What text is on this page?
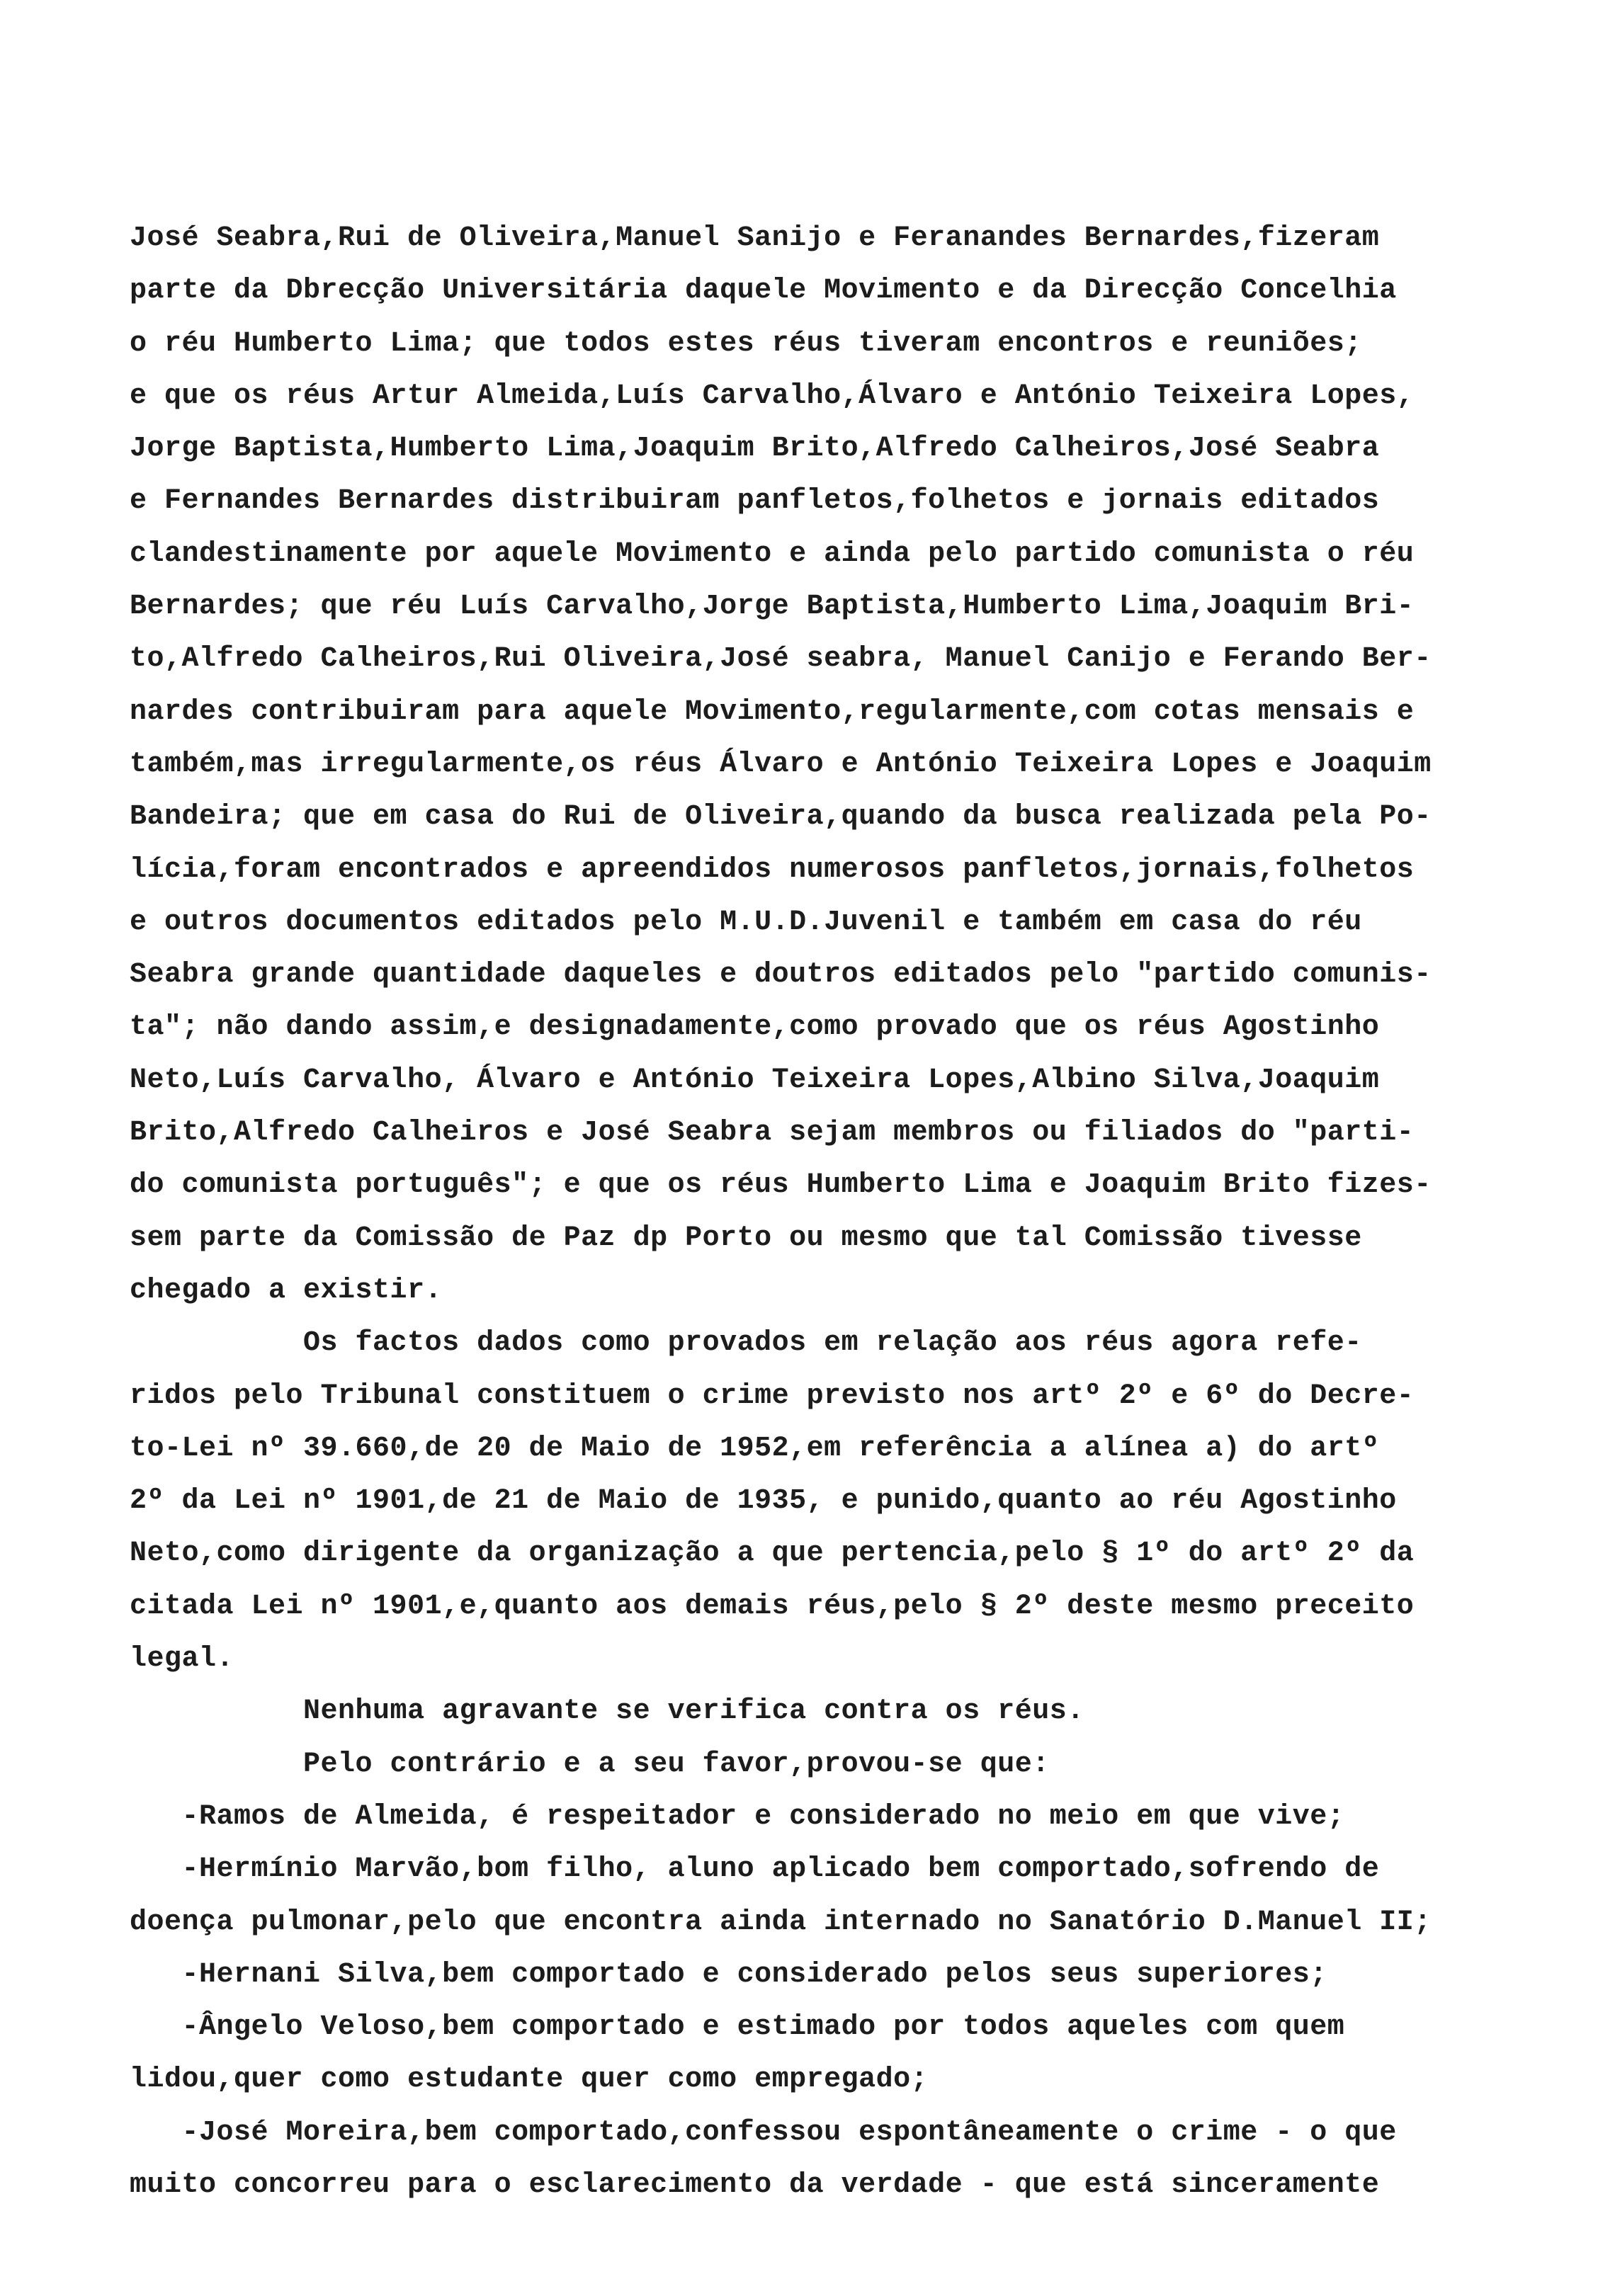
José Seabra,Rui de Oliveira,Manuel Sanijo e Feranandes Bernardes,fizeram
parte da Dbrecção Universitária daquele Movimento e da Direcção Concelhia
o réu Humberto Lima; que todos estes réus tiveram encontros e reuniões;
e que os réus Artur Almeida,Luís Carvalho,Álvaro e António Teixeira Lopes,
Jorge Baptista,Humberto Lima,Joaquim Brito,Alfredo Calheiros,José Seabra
e Fernandes Bernardes distribuiram panfletos,folhetos e jornais editados
clandestinamente por aquele Movimento e ainda pelo partido comunista o réu
Bernardes; que réu Luís Carvalho,Jorge Baptista,Humberto Lima,Joaquim Bri-
to,Alfredo Calheiros,Rui Oliveira,José seabra, Manuel Canijo e Ferando Ber-
nardes contribuiram para aquele Movimento,regularmente,com cotas mensais e
também,mas irregularmente,os réus Álvaro e António Teixeira Lopes e Joaquim
Bandeira; que em casa do Rui de Oliveira,quando da busca realizada pela Po-
lícia,foram encontrados e apreendidos numerosos panfletos,jornais,folhetos
e outros documentos editados pelo M.U.D.Juvenil e também em casa do réu
Seabra grande quantidade daqueles e doutros editados pelo "partido comunis-
ta"; não dando assim,e designadamente,como provado que os réus Agostinho
Neto,Luís Carvalho, Álvaro e António Teixeira Lopes,Albino Silva,Joaquim
Brito,Alfredo Calheiros e José Seabra sejam membros ou filiados do "parti-
do comunista português"; e que os réus Humberto Lima e Joaquim Brito fizes-
sem parte da Comissão de Paz dp Porto ou mesmo que tal Comissão tivesse
chegado a existir.
Os factos dados como provados em relação aos réus agora refe-
ridos pelo Tribunal constituem o crime previsto nos artº 2º e 6º do Decre-
to-Lei nº 39.660,de 20 de Maio de 1952,em referência a alínea a) do artº
2º da Lei nº 1901,de 21 de Maio de 1935, e punido,quanto ao réu Agostinho
Neto,como dirigente da organização a que pertencia,pelo § 1º do artº 2º da
citada Lei nº 1901,e,quanto aos demais réus,pelo § 2º deste mesmo preceito
legal.
Nenhuma agravante se verifica contra os réus.
Pelo contrário e a seu favor,provou-se que:
-Ramos de Almeida, é respeitador e considerado no meio em que vive;
-Hermínio Marvão,bom filho, aluno aplicado bem comportado,sofrendo de
doença pulmonar,pelo que encontra ainda internado no Sanatório D.Manuel II;
-Hernani Silva,bem comportado e considerado pelos seus superiores;
-Ângelo Veloso,bem comportado e estimado por todos aqueles com quem
lidou,quer como estudante quer como empregado;
-José Moreira,bem comportado,confessou espontâneamente o crime - o que
muito concorreu para o esclarecimento da verdade - que está sinceramente
